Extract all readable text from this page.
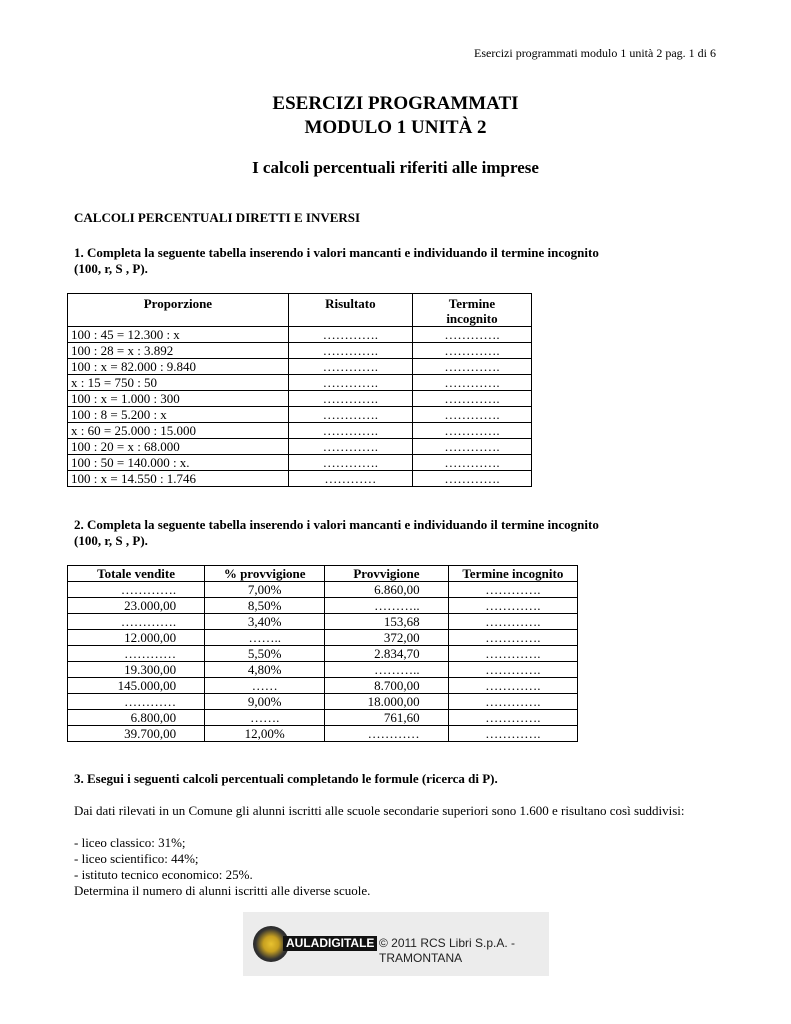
Esercizi programmati modulo 1 unità 2 pag. 1 di 6
ESERCIZI PROGRAMMATI
MODULO 1 UNITÀ 2
I calcoli percentuali riferiti alle imprese
CALCOLI PERCENTUALI DIRETTI E INVERSI
1. Completa la seguente tabella inserendo i valori mancanti e individuando il termine incognito
(100, r, S , P).
Proporzione	Risultato	Termine
incognito

100 : 45 = 12.300 : x	………….	………….
100 : 28 = x : 3.892	………….	………….
100 : x = 82.000 : 9.840	………….	………….
x : 15 = 750 : 50	………….	………….
100 : x = 1.000 : 300	………….	………….
100 : 8 = 5.200 : x	………….	………….
x : 60 = 25.000 : 15.000	………….	………….
100 : 20 = x : 68.000	………….	………….
100 : 50 = 140.000 : x.	………….	………….
100 : x = 14.550 : 1.746	…………	………….
2. Completa la seguente tabella inserendo i valori mancanti e individuando il termine incognito
(100, r, S , P).
Totale vendite	% provvigione	Provvigione	Termine incognito
………….	7,00%	6.860,00	………….
23.000,00	8,50%	………..	………….
………….	3,40%	153,68	………….
12.000,00	……..	372,00	………….
…………	5,50%	2.834,70	………….
19.300,00	4,80%	………..	………….
145.000,00	……	8.700,00	………….
…………	9,00%	18.000,00	………….
6.800,00	…….	761,60	………….
39.700,00	12,00%	…………	………….
3. Esegui i seguenti calcoli percentuali completando le formule (ricerca di P).
Dai dati rilevati in un Comune gli alunni iscritti alle scuole secondarie superiori sono 1.600 e risultano così suddivisi:
- liceo classico: 31%;
- liceo scientifico: 44%;
- istituto tecnico economico: 25%.
Determina il numero di alunni iscritti alle diverse scuole.
AULADIGITALE © 2011 RCS Libri S.p.A. - TRAMONTANA
